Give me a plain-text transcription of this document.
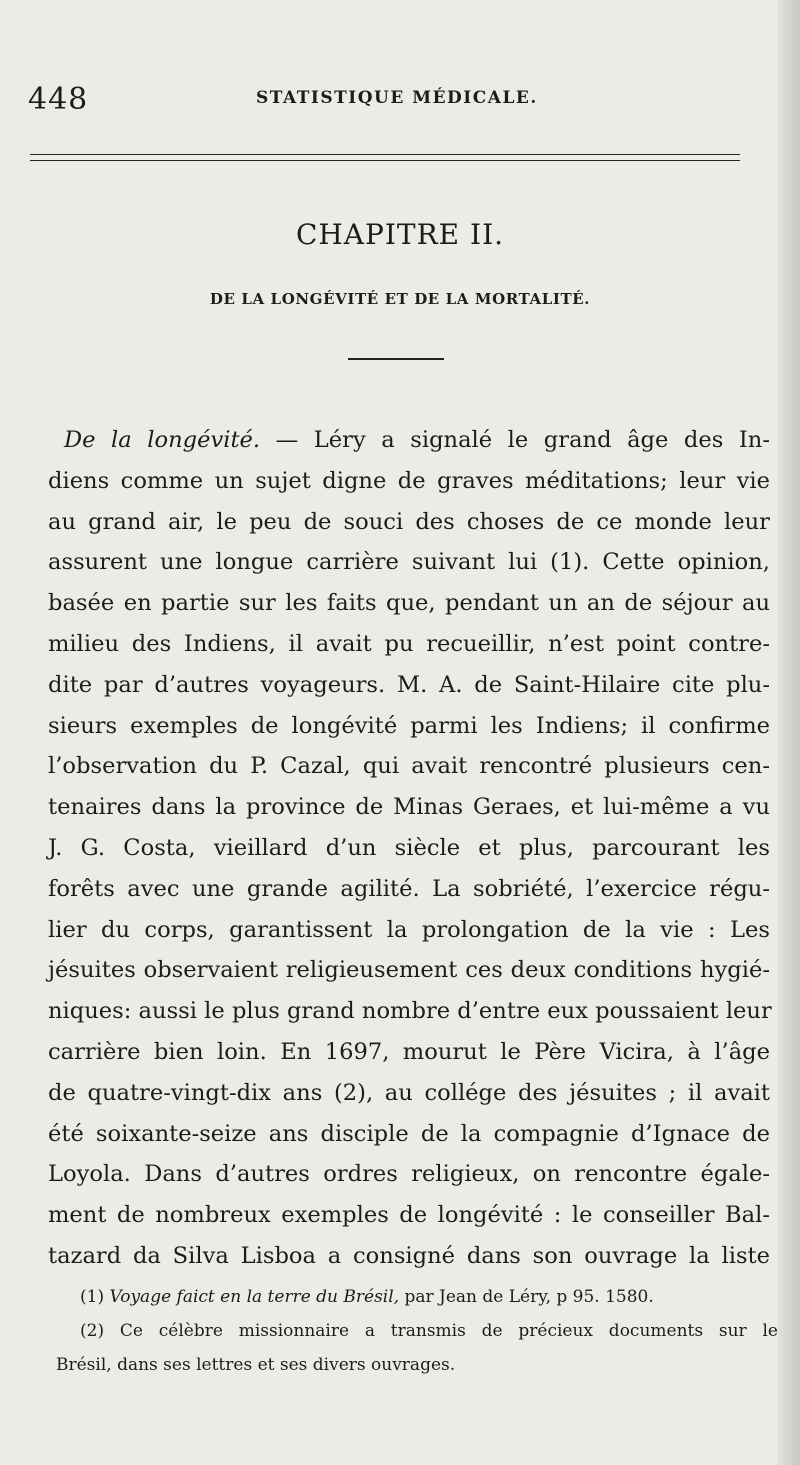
448	STATISTIQUE MÉDICALE.
CHAPITRE II.
DE LA LONGÉVITÉ ET DE LA MORTALITÉ.
De la longévité. — Léry a signalé le grand âge des In-
diens comme un sujet digne de graves méditations; leur vie
au grand air, le peu de souci des choses de ce monde leur
assurent une longue carrière suivant lui (1). Cette opinion,
basée en partie sur les faits que, pendant un an de séjour au
milieu des Indiens, il avait pu recueillir, n’est point contre-
dite par d’autres voyageurs. M. A. de Saint-Hilaire cite plu-
sieurs exemples de longévité parmi les Indiens; il confirme
l’observation du P. Cazal, qui avait rencontré plusieurs cen-
tenaires dans la province de Minas Geraes, et lui-même a vu
J. G. Costa, vieillard d’un siècle et plus, parcourant les
forêts avec une grande agilité. La sobriété, l’exercice régu-
lier du corps, garantissent la prolongation de la vie : Les
jésuites observaient religieusement ces deux conditions hygié-
niques: aussi le plus grand nombre d’entre eux poussaient leur
carrière bien loin. En 1697, mourut le Père Vicira, à l’âge
de quatre-vingt-dix ans (2), au collége des jésuites ; il avait
été soixante-seize ans disciple de la compagnie d’Ignace de
Loyola. Dans d’autres ordres religieux, on rencontre égale-
ment de nombreux exemples de longévité : le conseiller Bal-
tazard da Silva Lisboa a consigné dans son ouvrage la liste
(1) Voyage faict en la terre du Brésil, par Jean de Léry, p 95. 1580.
(2) Ce célèbre missionnaire a transmis de précieux documents sur le
Brésil, dans ses lettres et ses divers ouvrages.
